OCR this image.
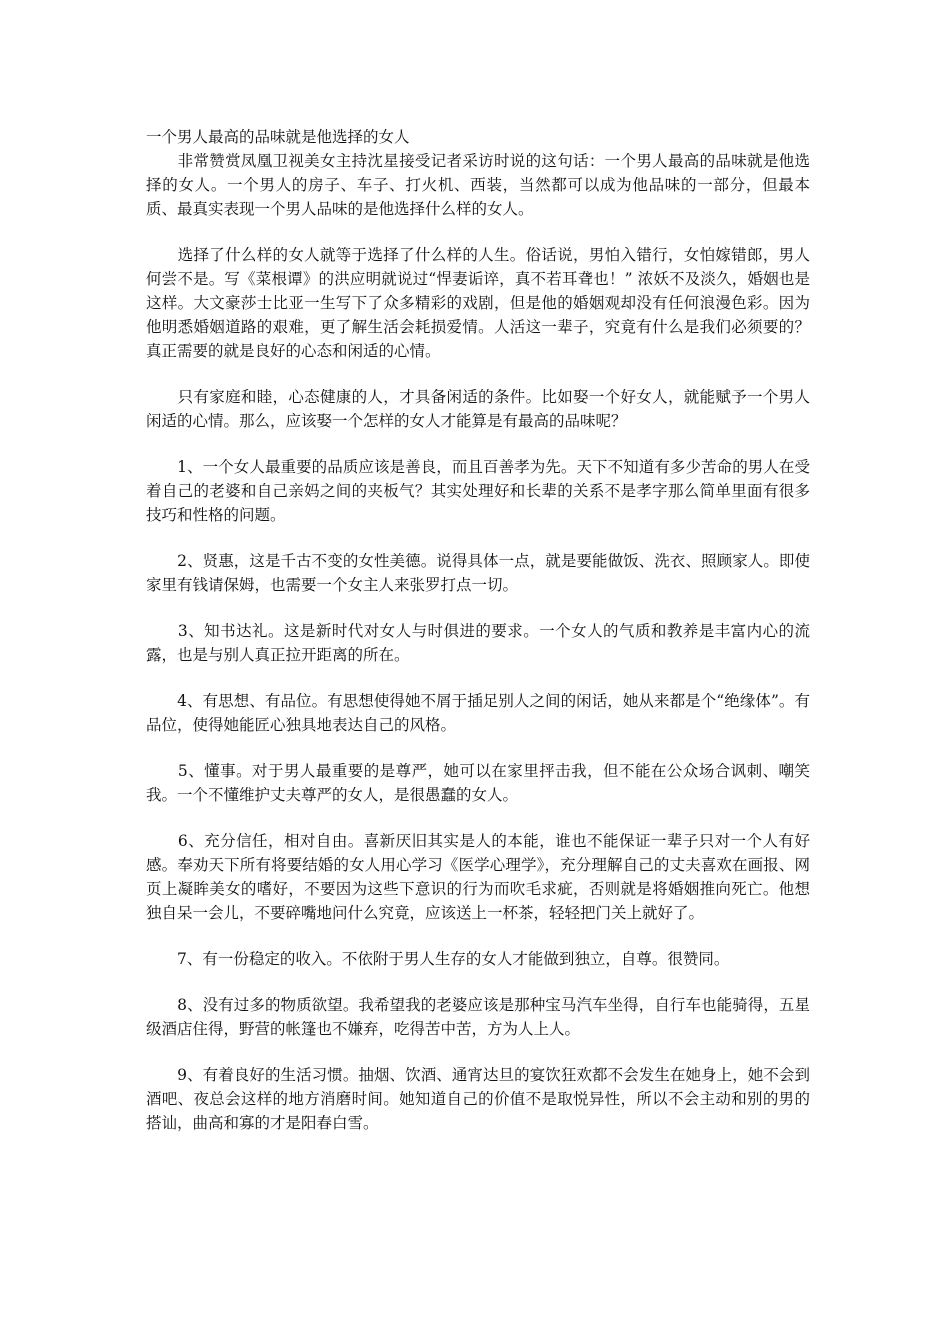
一个男人最高的品味就是他选择的女人

　　非常赞赏凤凰卫视美女主持沈星接受记者采访时说的这句话：一个男人最高的品味就是他选择的女人。一个男人的房子、车子、打火机、西装，当然都可以成为他品味的一部分，但最本质、最真实表现一个男人品味的是他选择什么样的女人。

　　选择了什么样的女人就等于选择了什么样的人生。俗话说，男怕入错行，女怕嫁错郎，男人何尝不是。写《菜根谭》的洪应明就说过“悍妻诟谇，真不若耳聋也！” 浓妖不及淡久，婚姻也是这样。大文豪莎士比亚一生写下了众多精彩的戏剧，但是他的婚姻观却没有任何浪漫色彩。因为他明悉婚姻道路的艰难，更了解生活会耗损爱情。人活这一辈子，究竟有什么是我们必须要的？真正需要的就是良好的心态和闲适的心情。

　　只有家庭和睦，心态健康的人，才具备闲适的条件。比如娶一个好女人，就能赋予一个男人闲适的心情。那么，应该娶一个怎样的女人才能算是有最高的品味呢？

　　1、一个女人最重要的品质应该是善良，而且百善孝为先。天下不知道有多少苦命的男人在受着自己的老婆和自己亲妈之间的夹板气？其实处理好和长辈的关系不是孝字那么简单里面有很多技巧和性格的问题。

　　2、贤惠，这是千古不变的女性美德。说得具体一点，就是要能做饭、洗衣、照顾家人。即使家里有钱请保姆，也需要一个女主人来张罗打点一切。

　　3、知书达礼。这是新时代对女人与时俱进的要求。一个女人的气质和教养是丰富内心的流露，也是与别人真正拉开距离的所在。

　　4、有思想、有品位。有思想使得她不屑于插足别人之间的闲话，她从来都是个“绝缘体”。有品位，使得她能匠心独具地表达自己的风格。

　　5、懂事。对于男人最重要的是尊严，她可以在家里抨击我，但不能在公众场合讽刺、嘲笑我。一个不懂维护丈夫尊严的女人，是很愚蠢的女人。

　　6、充分信任，相对自由。喜新厌旧其实是人的本能，谁也不能保证一辈子只对一个人有好感。奉劝天下所有将要结婚的女人用心学习《医学心理学》，充分理解自己的丈夫喜欢在画报、网页上凝眸美女的嗜好，不要因为这些下意识的行为而吹毛求疵，否则就是将婚姻推向死亡。他想独自呆一会儿，不要碎嘴地问什么究竟，应该送上一杯茶，轻轻把门关上就好了。

　　7、有一份稳定的收入。不依附于男人生存的女人才能做到独立，自尊。很赞同。

　　8、没有过多的物质欲望。我希望我的老婆应该是那种宝马汽车坐得，自行车也能骑得，五星级酒店住得，野营的帐篷也不嫌弃，吃得苦中苦，方为人上人。

　　9、有着良好的生活习惯。抽烟、饮酒、通宵达旦的宴饮狂欢都不会发生在她身上，她不会到酒吧、夜总会这样的地方消磨时间。她知道自己的价值不是取悦异性，所以不会主动和别的男的搭讪，曲高和寡的才是阳春白雪。
